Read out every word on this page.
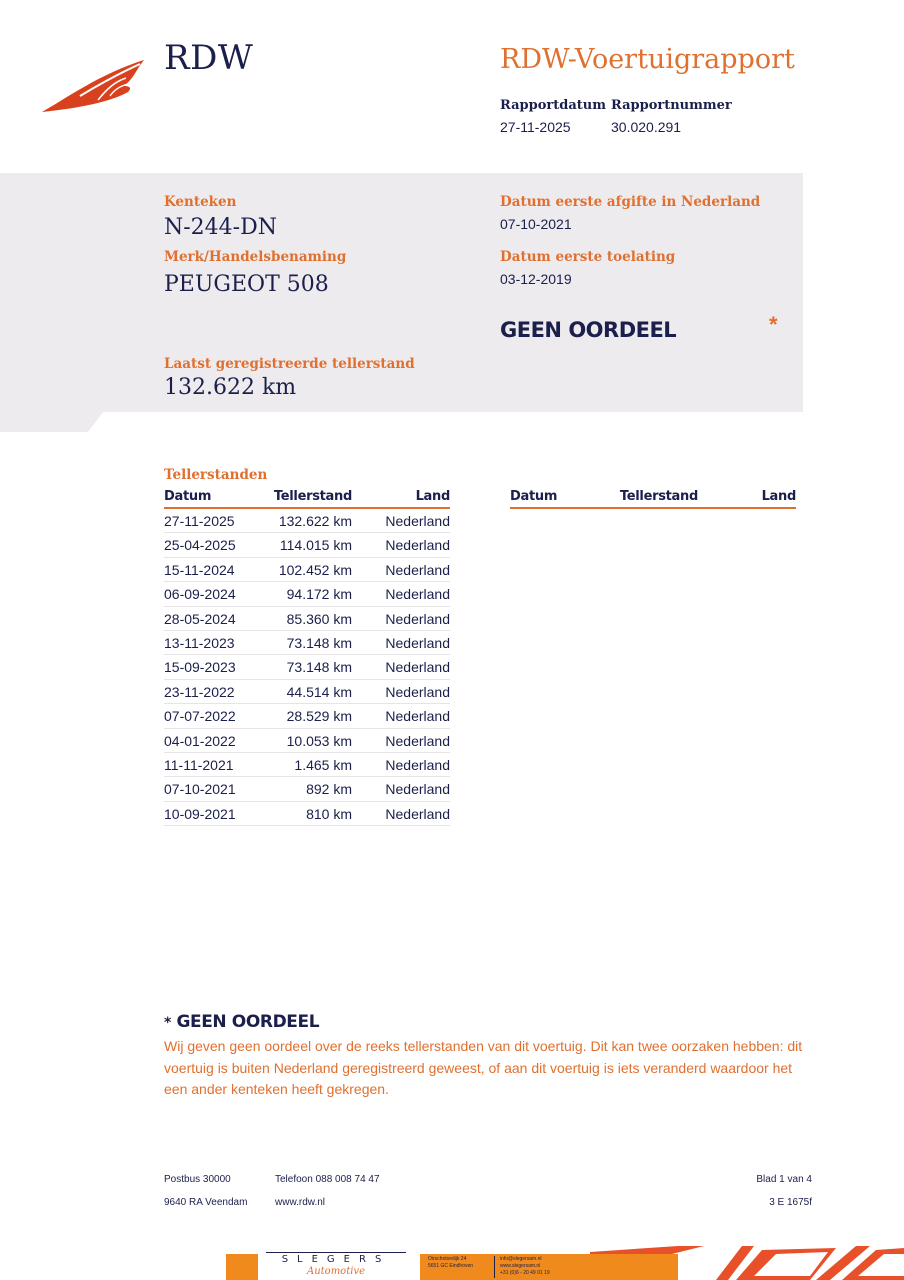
RDW	RDW-Voertuigrapport
Rapportdatum
27-11-2025
Rapportnummer
30.020.291
Kenteken
N-244-DN
Merk/Handelsbenaming
PEUGEOT 508
Datum eerste afgifte in Nederland
07-10-2021
Datum eerste toelating
03-12-2019
GEEN OORDEEL	*
Laatst geregistreerde tellerstand
132.622 km
Tellerstanden
Datum	Tellerstand	Land
27-11-2025	132.622 km	Nederland
25-04-2025	114.015 km	Nederland
15-11-2024	102.452 km	Nederland
06-09-2024	94.172 km	Nederland
28-05-2024	85.360 km	Nederland
13-11-2023	73.148 km	Nederland
15-09-2023	73.148 km	Nederland
23-11-2022	44.514 km	Nederland
07-07-2022	28.529 km	Nederland
04-01-2022	10.053 km	Nederland
11-11-2021	1.465 km	Nederland
07-10-2021	892 km	Nederland
10-09-2021	810 km	Nederland
Datum	Tellerstand	Land
* GEEN OORDEEL
Wij geven geen oordeel over de reeks tellerstanden van dit voertuig. Dit kan twee oorzaken hebben: dit voertuig is buiten Nederland geregistreerd geweest, of aan dit voertuig is iets veranderd waardoor het een ander kenteken heeft gekregen.
Postbus 30000
9640 RA Veendam
Telefoon 088 008 74 47
www.rdw.nl
Blad 1 van 4
3 E 1675f
SLEGERS
Automotive
Oirschotsedijk 24
5651 GC Eindhoven
info@slegersam.nl
www.slegersam.nl
+31 (0)6 - 20 49 01 19
